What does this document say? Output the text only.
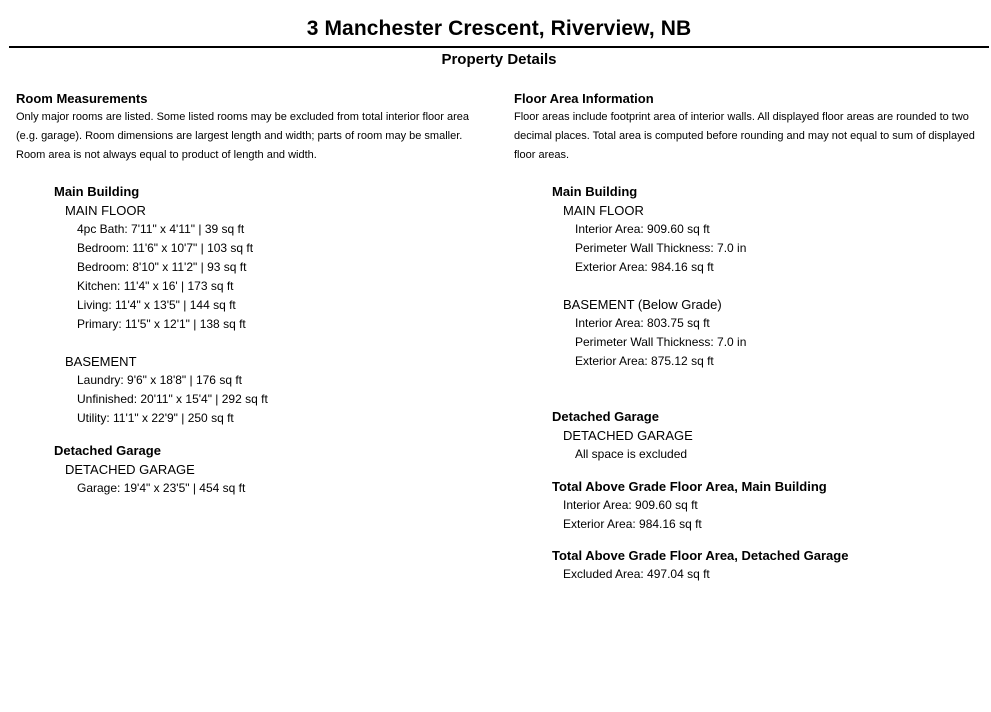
3 Manchester Crescent, Riverview, NB
Property Details
Room Measurements
Only major rooms are listed. Some listed rooms may be excluded from total interior floor area (e.g. garage). Room dimensions are largest length and width; parts of room may be smaller. Room area is not always equal to product of length and width.
Main Building
MAIN FLOOR
4pc Bath: 7'11" x 4'11" | 39 sq ft
Bedroom: 11'6" x 10'7" | 103 sq ft
Bedroom: 8'10" x 11'2" | 93 sq ft
Kitchen: 11'4" x 16' | 173 sq ft
Living: 11'4" x 13'5" | 144 sq ft
Primary: 11'5" x 12'1" | 138 sq ft
BASEMENT
Laundry: 9'6" x 18'8" | 176 sq ft
Unfinished: 20'11" x 15'4" | 292 sq ft
Utility: 11'1" x 22'9" | 250 sq ft
Detached Garage
DETACHED GARAGE
Garage: 19'4" x 23'5" | 454 sq ft
Floor Area Information
Floor areas include footprint area of interior walls. All displayed floor areas are rounded to two decimal places. Total area is computed before rounding and may not equal to sum of displayed floor areas.
Main Building
MAIN FLOOR
Interior Area: 909.60 sq ft
Perimeter Wall Thickness: 7.0 in
Exterior Area: 984.16 sq ft
BASEMENT (Below Grade)
Interior Area: 803.75 sq ft
Perimeter Wall Thickness: 7.0 in
Exterior Area: 875.12 sq ft
Detached Garage
DETACHED GARAGE
All space is excluded
Total Above Grade Floor Area, Main Building
Interior Area: 909.60 sq ft
Exterior Area: 984.16 sq ft
Total Above Grade Floor Area, Detached Garage
Excluded Area: 497.04 sq ft
